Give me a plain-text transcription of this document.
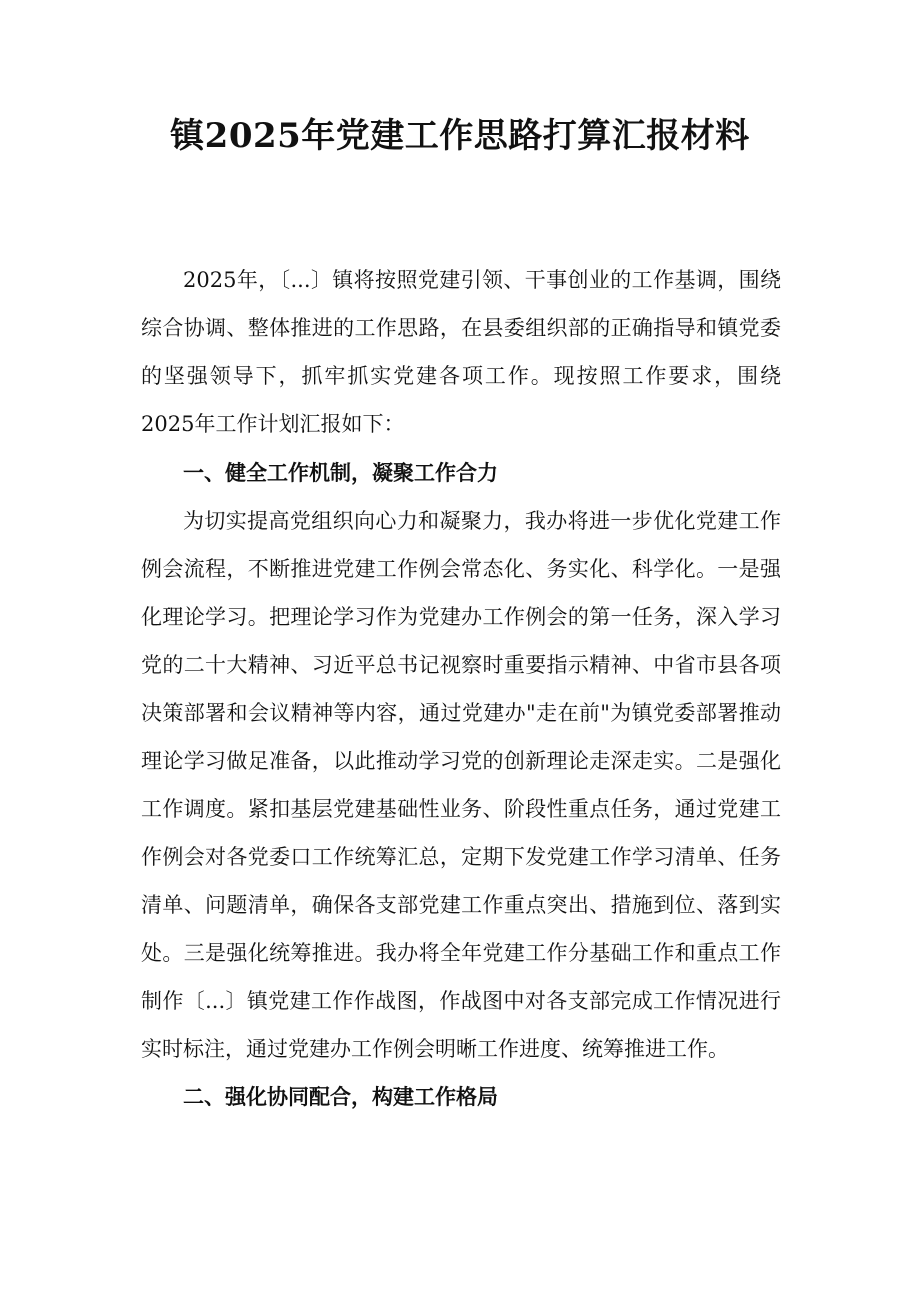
镇2025年党建工作思路打算汇报材料

2025年，〔...〕镇将按照党建引领、干事创业的工作基调，围绕综合协调、整体推进的工作思路，在县委组织部的正确指导和镇党委的坚强领导下，抓牢抓实党建各项工作。现按照工作要求，围绕2025年工作计划汇报如下：

一、健全工作机制，凝聚工作合力

为切实提高党组织向心力和凝聚力，我办将进一步优化党建工作例会流程，不断推进党建工作例会常态化、务实化、科学化。一是强化理论学习。把理论学习作为党建办工作例会的第一任务，深入学习党的二十大精神、习近平总书记视察时重要指示精神、中省市县各项决策部署和会议精神等内容，通过党建办"走在前"为镇党委部署推动理论学习做足准备，以此推动学习党的创新理论走深走实。二是强化工作调度。紧扣基层党建基础性业务、阶段性重点任务，通过党建工作例会对各党委口工作统筹汇总，定期下发党建工作学习清单、任务清单、问题清单，确保各支部党建工作重点突出、措施到位、落到实处。三是强化统筹推进。我办将全年党建工作分基础工作和重点工作制作〔...〕镇党建工作作战图，作战图中对各支部完成工作情况进行实时标注，通过党建办工作例会明晰工作进度、统筹推进工作。

二、强化协同配合，构建工作格局
